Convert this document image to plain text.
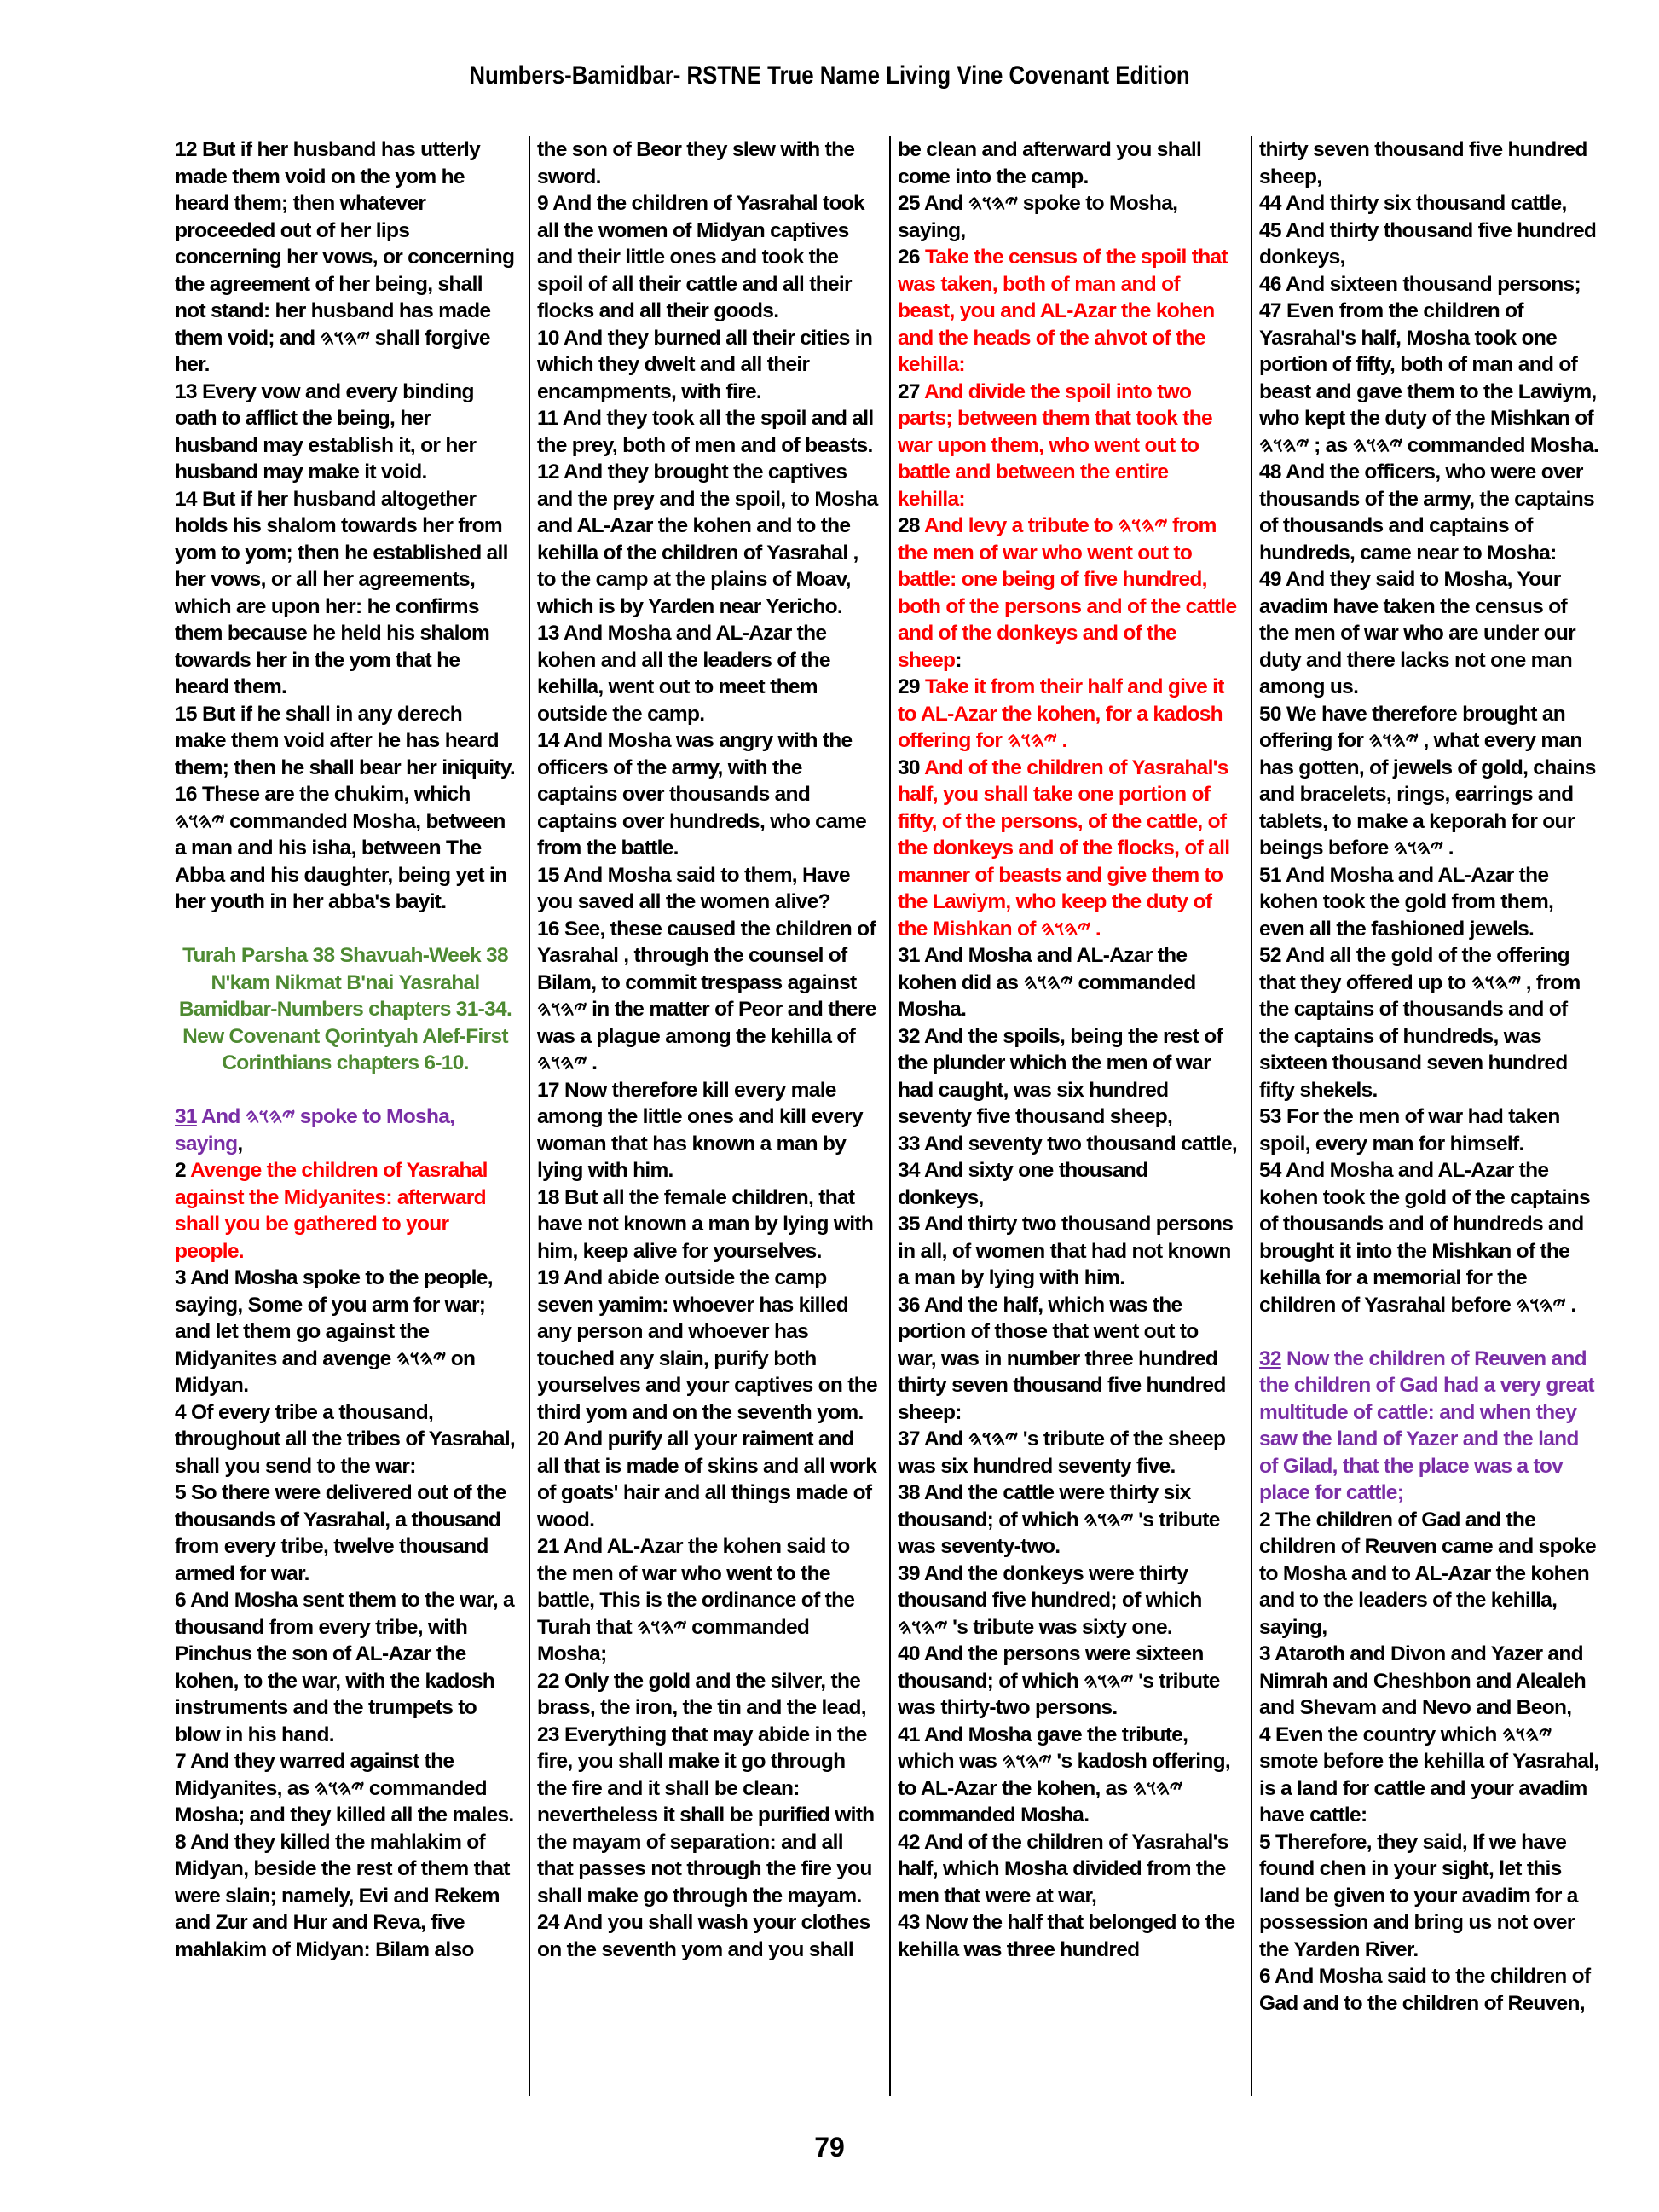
Numbers-Bamidbar- RSTNE True Name Living Vine Covenant Edition

12 But if her husband has utterly made them void on the yom he heard them; then whatever proceeded out of her lips concerning her vows, or concerning the agreement of her being, shall not stand: her husband has made them void; and 𐤉𐤄𐤅𐤄 shall forgive her.

13 Every vow and every binding oath to afflict the being, her husband may establish it, or her husband may make it void.

14 But if her husband altogether holds his shalom towards her from yom to yom; then he established all her vows, or all her agreements, which are upon her: he confirms them because he held his shalom towards her in the yom that he heard them.

15 But if he shall in any derech make them void after he has heard them; then he shall bear her iniquity.

16 These are the chukim, which 𐤉𐤄𐤅𐤄 commanded Mosha, between a man and his isha, between The Abba and his daughter, being yet in her youth in her abba's bayit.

Turah Parsha 38 Shavuah-Week 38 N'kam Nikmat B'nai Yasrahal Bamidbar-Numbers chapters 31-34. New Covenant Qorintyah Alef-First Corinthians chapters 6-10.

31 And 𐤉𐤄𐤅𐤄 spoke to Mosha, saying,

2 Avenge the children of Yasrahal against the Midyanites: afterward shall you be gathered to your people.

3 And Mosha spoke to the people, saying, Some of you arm for war; and let them go against the Midyanites and avenge 𐤉𐤄𐤅𐤄 on Midyan.

4 Of every tribe a thousand, throughout all the tribes of Yasrahal, shall you send to the war:

5 So there were delivered out of the thousands of Yasrahal, a thousand from every tribe, twelve thousand armed for war.

6 And Mosha sent them to the war, a thousand from every tribe, with Pinchus the son of AL-Azar the kohen, to the war, with the kadosh instruments and the trumpets to blow in his hand.

7 And they warred against the Midyanites, as 𐤉𐤄𐤅𐤄 commanded Mosha; and they killed all the males.

8 And they killed the mahlakim of Midyan, beside the rest of them that were slain; namely, Evi and Rekem and Zur and Hur and Reva, five mahlakim of Midyan: Bilam also

the son of Beor they slew with the sword.

9 And the children of Yasrahal took all the women of Midyan captives and their little ones and took the spoil of all their cattle and all their flocks and all their goods.

10 And they burned all their cities in which they dwelt and all their encampments, with fire.

11 And they took all the spoil and all the prey, both of men and of beasts.

12 And they brought the captives and the prey and the spoil, to Mosha and AL-Azar the kohen and to the kehilla of the children of Yasrahal , to the camp at the plains of Moav, which is by Yarden near Yericho.

13 And Mosha and AL-Azar the kohen and all the leaders of the kehilla, went out to meet them outside the camp.

14 And Mosha was angry with the officers of the army, with the captains over thousands and captains over hundreds, who came from the battle.

15 And Mosha said to them, Have you saved all the women alive?

16 See, these caused the children of Yasrahal , through the counsel of Bilam, to commit trespass against 𐤉𐤄𐤅𐤄 in the matter of Peor and there was a plague among the kehilla of 𐤉𐤄𐤅𐤄 .

17 Now therefore kill every male among the little ones and kill every woman that has known a man by lying with him.

18 But all the female children, that have not known a man by lying with him, keep alive for yourselves.

19 And abide outside the camp seven yamim: whoever has killed any person and whoever has touched any slain, purify both yourselves and your captives on the third yom and on the seventh yom.

20 And purify all your raiment and all that is made of skins and all work of goats' hair and all things made of wood.

21 And AL-Azar the kohen said to the men of war who went to the battle, This is the ordinance of the Turah that 𐤉𐤄𐤅𐤄 commanded Mosha;

22 Only the gold and the silver, the brass, the iron, the tin and the lead,

23 Everything that may abide in the fire, you shall make it go through the fire and it shall be clean: nevertheless it shall be purified with the mayam of separation: and all that passes not through the fire you shall make go through the mayam.

24 And you shall wash your clothes on the seventh yom and you shall

be clean and afterward you shall come into the camp.

25 And 𐤉𐤄𐤅𐤄 spoke to Mosha, saying,

26 Take the census of the spoil that was taken, both of man and of beast, you and AL-Azar the kohen and the heads of the ahvot of the kehilla:

27 And divide the spoil into two parts; between them that took the war upon them, who went out to battle and between the entire kehilla:

28 And levy a tribute to 𐤉𐤄𐤅𐤄 from the men of war who went out to battle: one being of five hundred, both of the persons and of the cattle and of the donkeys and of the sheep:

29 Take it from their half and give it to AL-Azar the kohen, for a kadosh offering for 𐤉𐤄𐤅𐤄 .

30 And of the children of Yasrahal's half, you shall take one portion of fifty, of the persons, of the cattle, of the donkeys and of the flocks, of all manner of beasts and give them to the Lawiym, who keep the duty of the Mishkan of 𐤉𐤄𐤅𐤄 .

31 And Mosha and AL-Azar the kohen did as 𐤉𐤄𐤅𐤄 commanded Mosha.

32 And the spoils, being the rest of the plunder which the men of war had caught, was six hundred seventy five thousand sheep,

33 And seventy two thousand cattle,

34 And sixty one thousand donkeys,

35 And thirty two thousand persons in all, of women that had not known a man by lying with him.

36 And the half, which was the portion of those that went out to war, was in number three hundred thirty seven thousand five hundred sheep:

37 And 𐤉𐤄𐤅𐤄 's tribute of the sheep was six hundred seventy five.

38 And the cattle were thirty six thousand; of which 𐤉𐤄𐤅𐤄 's tribute was seventy-two.

39 And the donkeys were thirty thousand five hundred; of which 𐤉𐤄𐤅𐤄 's tribute was sixty one.

40 And the persons were sixteen thousand; of which 𐤉𐤄𐤅𐤄 's tribute was thirty-two persons.

41 And Mosha gave the tribute, which was 𐤉𐤄𐤅𐤄 's kadosh offering, to AL-Azar the kohen, as 𐤉𐤄𐤅𐤄 commanded Mosha.

42 And of the children of Yasrahal's half, which Mosha divided from the men that were at war,

43 Now the half that belonged to the kehilla was three hundred

thirty seven thousand five hundred sheep,

44 And thirty six thousand cattle,

45 And thirty thousand five hundred donkeys,

46 And sixteen thousand persons;

47 Even from the children of Yasrahal's half, Mosha took one portion of fifty, both of man and of beast and gave them to the Lawiym, who kept the duty of the Mishkan of 𐤉𐤄𐤅𐤄 ; as 𐤉𐤄𐤅𐤄 commanded Mosha.

48 And the officers, who were over thousands of the army, the captains of thousands and captains of hundreds, came near to Mosha:

49 And they said to Mosha, Your avadim have taken the census of the men of war who are under our duty and there lacks not one man among us.

50 We have therefore brought an offering for 𐤉𐤄𐤅𐤄 , what every man has gotten, of jewels of gold, chains and bracelets, rings, earrings and tablets, to make a keporah for our beings before 𐤉𐤄𐤅𐤄 .

51 And Mosha and AL-Azar the kohen took the gold from them, even all the fashioned jewels.

52 And all the gold of the offering that they offered up to 𐤉𐤄𐤅𐤄 , from the captains of thousands and of the captains of hundreds, was sixteen thousand seven hundred fifty shekels.

53 For the men of war had taken spoil, every man for himself.

54 And Mosha and AL-Azar the kohen took the gold of the captains of thousands and of hundreds and brought it into the Mishkan of the kehilla for a memorial for the children of Yasrahal before 𐤉𐤄𐤅𐤄 .

32 Now the children of Reuven and the children of Gad had a very great multitude of cattle: and when they saw the land of Yazer and the land of Gilad, that the place was a tov place for cattle;

2 The children of Gad and the children of Reuven came and spoke to Mosha and to AL-Azar the kohen and to the leaders of the kehilla, saying,

3 Ataroth and Divon and Yazer and Nimrah and Cheshbon and Alealeh and Shevam and Nevo and Beon,

4 Even the country which 𐤉𐤄𐤅𐤄 smote before the kehilla of Yasrahal, is a land for cattle and your avadim have cattle:

5 Therefore, they said, If we have found chen in your sight, let this land be given to your avadim for a possession and bring us not over the Yarden River.

6 And Mosha said to the children of Gad and to the children of Reuven,

79
